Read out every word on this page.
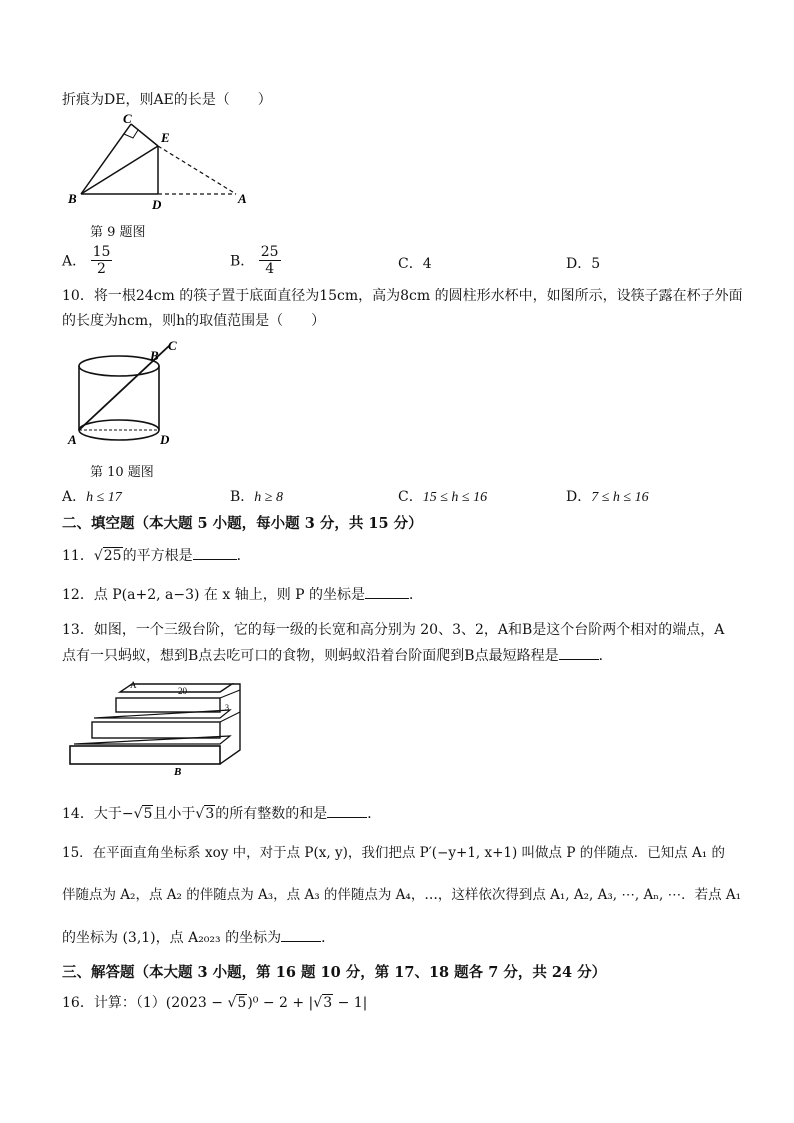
折痕为DE，则AE的长是（　　）
C
E
B	D	A
第 9 题图
A． $\frac{15}{2}$	B． $\frac{25}{4}$	C．4	D．5
10．将一根24cm 的筷子置于底面直径为15cm，高为8cm 的圆柱形水杯中，如图所示，设筷子露在杯子外面
的长度为hcm，则h的取值范围是（　　）
B
C
A	D
第 10 题图
A．h ≤ 17	B．h ≥ 8	C．15 ≤ h ≤ 16	D．7 ≤ h ≤ 16
二、填空题（本大题 5 小题，每小题 3 分，共 15 分）
11．√25的平方根是	．
12．点 P(a+2, a−3) 在 x 轴上，则 P 的坐标是	．
13．如图，一个三级台阶，它的每一级的长宽和高分别为 20、3、2，A和B是这个台阶两个相对的端点，A
点有一只蚂蚁，想到B点去吃可口的食物，则蚂蚁沿着台阶面爬到B点最短路程是	．
A
20
3
B
14．大于−√5且小于√3的所有整数的和是	．
15．在平面直角坐标系 xoy 中，对于点 P(x, y)，我们把点 P′(−y+1, x+1) 叫做点 P 的伴随点．已知点 A₁ 的
伴随点为 A₂，点 A₂ 的伴随点为 A₃，点 A₃ 的伴随点为 A₄，…，这样依次得到点 A₁, A₂, A₃, ⋯, Aₙ, ⋯．若点 A₁
的坐标为 (3,1)，点 A₂₀₂₃ 的坐标为	．
三、解答题（本大题 3 小题，第 16 题 10 分，第 17、18 题各 7 分，共 24 分）
16．计算：（1）(2023 − √5)⁰ − 2 + |√3 − 1|
